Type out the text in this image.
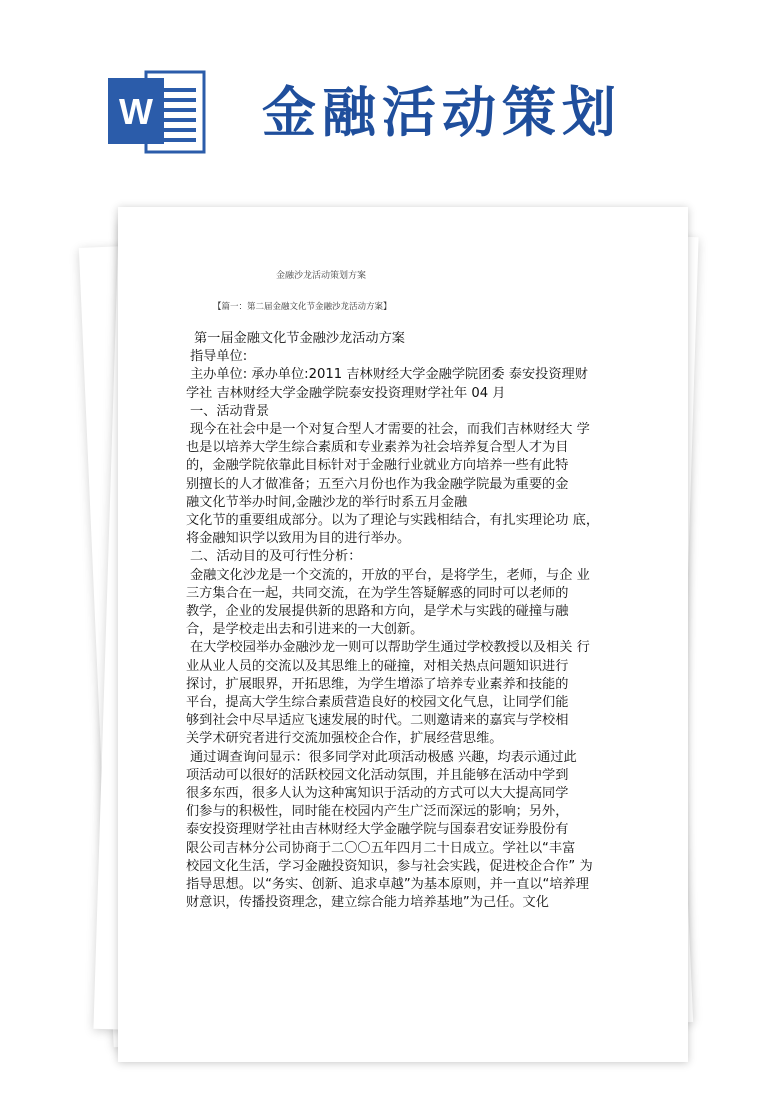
W 金融活动策划
金融沙龙活动策划方案
【篇一：第二届金融文化节金融沙龙活动方案】

第一届金融文化节金融沙龙活动方案

指导单位:

主办单位: 承办单位:2011 吉林财经大学金融学院团委 泰安投资理财

学社 吉林财经大学金融学院泰安投资理财学社年 04 月

一、活动背景

现今在社会中是一个对复合型人才需要的社会，而我们吉林财经大 学

也是以培养大学生综合素质和专业素养为社会培养复合型人才为目

的，金融学院依靠此目标针对于金融行业就业方向培养一些有此特

别擅长的人才做准备；五至六月份也作为我金融学院最为重要的金

融文化节举办时间,金融沙龙的举行时系五月金融

文化节的重要组成部分。以为了理论与实践相结合，有扎实理论功 底，

将金融知识学以致用为目的进行举办。

二、活动目的及可行性分析：

金融文化沙龙是一个交流的，开放的平台，是将学生，老师，与企 业

三方集合在一起，共同交流，在为学生答疑解惑的同时可以老师的

教学，企业的发展提供新的思路和方向，是学术与实践的碰撞与融

合，是学校走出去和引进来的一大创新。

在大学校园举办金融沙龙一则可以帮助学生通过学校教授以及相关 行

业从业人员的交流以及其思维上的碰撞，对相关热点问题知识进行

探讨，扩展眼界，开拓思维，为学生增添了培养专业素养和技能的

平台，提高大学生综合素质营造良好的校园文化气息，让同学们能

够到社会中尽早适应飞速发展的时代。二则邀请来的嘉宾与学校相

关学术研究者进行交流加强校企合作，扩展经营思维。

通过调查询问显示：很多同学对此项活动极感 兴趣，均表示通过此

项活动可以很好的活跃校园文化活动氛围，并且能够在活动中学到

很多东西，很多人认为这种寓知识于活动的方式可以大大提高同学

们参与的积极性，同时能在校园内产生广泛而深远的影响；另外，

泰安投资理财学社由吉林财经大学金融学院与国泰君安证券股份有

限公司吉林分公司协商于二〇〇五年四月二十日成立。学社以“丰富

校园文化生活，学习金融投资知识，参与社会实践，促进校企合作” 为

指导思想。以“务实、创新、追求卓越”为基本原则，并一直以“培养理

财意识，传播投资理念，建立综合能力培养基地”为己任。文化
